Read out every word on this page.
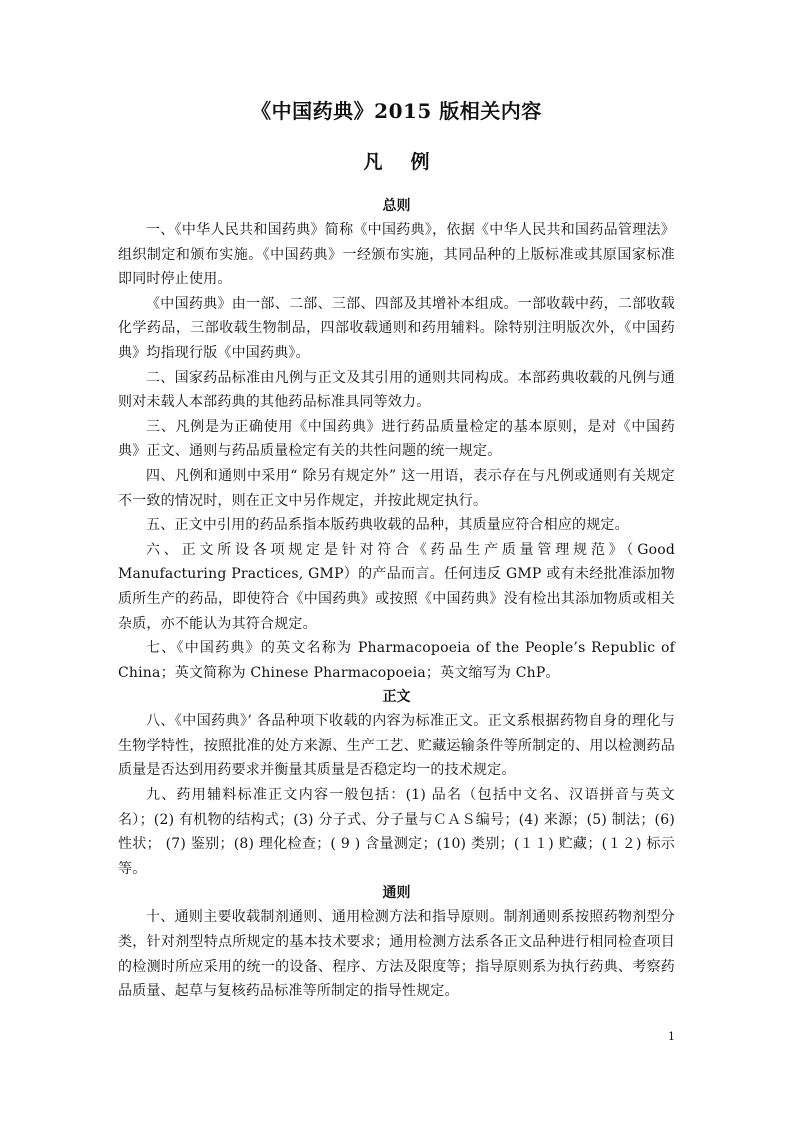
《中国药典》2015 版相关内容
凡例
总则

一、《中华人民共和国药典》简称《中国药典》，依据《中华人民共和国药品管理法》组织制定和颁布实施。《中国药典》一经颁布实施，其同品种的上版标准或其原国家标准即同时停止使用。

《中国药典》由一部、二部、三部、四部及其增补本组成。一部收载中药，二部收载化学药品，三部收载生物制品，四部收载通则和药用辅料。除特别注明版次外，《中国药典》均指现行版《中国药典》。

二、国家药品标准由凡例与正文及其引用的通则共同构成。本部药典收载的凡例与通则对未载人本部药典的其他药品标准具同等效力。

三、凡例是为正确使用《中国药典》进行药品质量检定的基本原则，是对《中国药典》正文、通则与药品质量检定有关的共性问题的统一规定。

四、凡例和通则中采用“ 除另有规定外” 这一用语，表示存在与凡例或通则有关规定不一致的情况时，则在正文中另作规定，并按此规定执行。

五、正文中引用的药品系指本版药典收载的品种，其质量应符合相应的规定。

六、正文所设各项规定是针对符合《药品生产质量管理规范》（Good Manufacturing Practices, GMP）的产品而言。任何违反 GMP 或有未经批准添加物质所生产的药品，即使符合《中国药典》或按照《中国药典》没有检出其添加物质或相关杂质，亦不能认为其符合规定。

七、《中国药典》的英文名称为 Pharmacopoeia of the People’s Republic of China；英文简称为 Chinese Pharmacopoeia；英文缩写为 ChP。

正文

八、《中国药典》’ 各品种项下收载的内容为标准正文。正文系根据药物自身的理化与生物学特性，按照批准的处方来源、生产工艺、贮藏运输条件等所制定的、用以检测药品质量是否达到用药要求并衡量其质量是否稳定均一的技术规定。

九、药用辅料标准正文内容一般包括：(1) 品名（包括中文名、汉语拼音与英文名）；(2) 有机物的结构式；(3) 分子式、分子量与ＣＡＳ编号；(4) 来源；(5) 制法；(6) 性状； (7) 鉴别；(8) 理化检查；( 9 ) 含量测定；(10) 类别；(１１) 贮藏；(１２) 标示等。

通则

十、通则主要收载制剂通则、通用检测方法和指导原则。制剂通则系按照药物剂型分类，针对剂型特点所规定的基本技术要求；通用检测方法系各正文品种进行相同检查项目的检测时所应采用的统一的设备、程序、方法及限度等；指导原则系为执行药典、考察药品质量、起草与复核药品标准等所制定的指导性规定。

1
